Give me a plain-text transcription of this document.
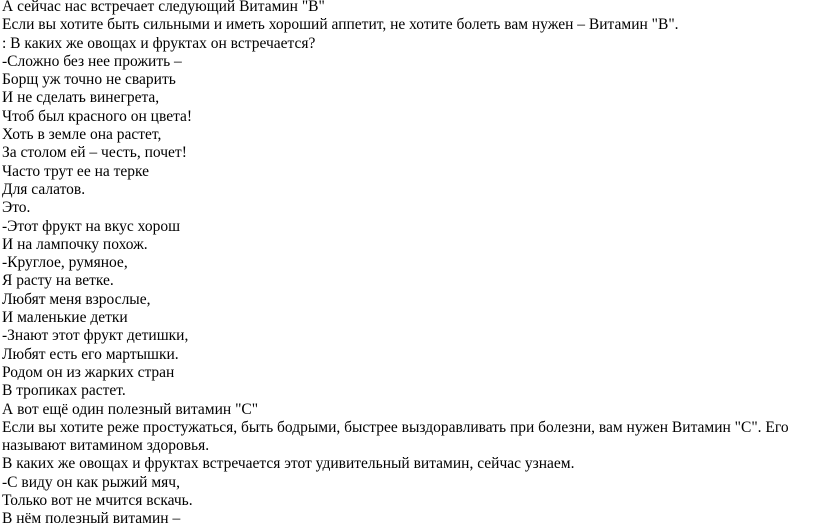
А сейчас нас встречает следующий Витамин "В"
Если вы хотите быть сильными и иметь хороший аппетит, не хотите болеть вам нужен – Витамин "В".
: В каких же овощах и фруктах он встречается?
-Сложно без нее прожить –
Борщ уж точно не сварить
И не сделать винегрета,
Чтоб был красного он цвета!
Хоть в земле она растет,
За столом ей – честь, почет!
Часто трут ее на терке
Для салатов.
Это.
-Этот фрукт на вкус хорош
И на лампочку похож.
-Круглое, румяное,
Я расту на ветке.
Любят меня взрослые,
И маленькие детки
-Знают этот фрукт детишки,
Любят есть его мартышки.
Родом он из жарких стран
В тропиках растет.
А вот ещё один полезный витамин "С"
Если вы хотите реже простужаться, быть бодрыми, быстрее выздоравливать при болезни, вам нужен Витамин "С". Его называют витамином здоровья.
В каких же овощах и фруктах встречается этот удивительный витамин, сейчас узнаем.
-С виду он как рыжий мяч,
Только вот не мчится вскачь.
В нём полезный витамин –
